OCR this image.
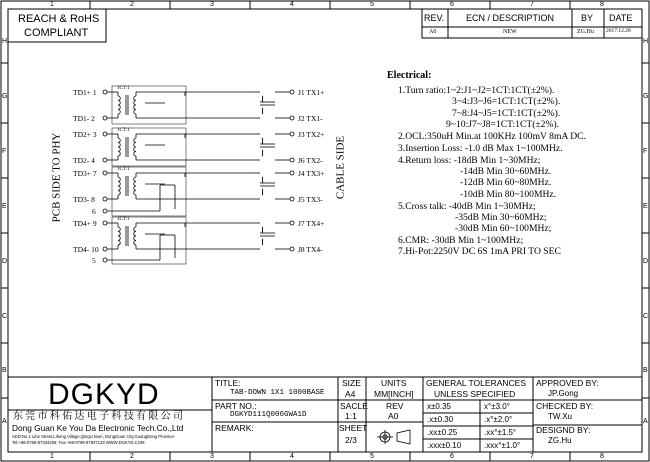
TD1+ 1
TD1- 2
1CT:1	J1 TX1+
J2 TX1-
TD2+ 3
TD2- 4
1CT:1	J3 TX2+
J6 TX2-
TD3+ 7
TD3- 8
1CT:1	J4 TX3+
J5 TX3-
6
TD4+ 9
TD4- 10
1CT:1	J7 TX4+
J8 TX4-
5
1	2	3	4	5	6	7	8
1	2	3	4	5	6	7	8
H
G
F
E
D
C
B
A
H
G
F
E
D
C
B
A
REACH & RoHS
COMPLIANT
REV. ECN / DESCRIPTION	BY DATE
A0	NEW	ZG.Hu 2017.12.28
PCB SIDE TO PHY	CABLE SIDE
Electrical:
1.Turn ratio:1~2:J1~J2=1CT:1CT(±2%).
3~4:J3~J6=1CT:1CT(±2%).
7~8:J4~J5=1CT:1CT(±2%).
9~10:J7~J8=1CT:1CT(±2%).
2.OCL:350uH Min.at 100KHz 100mV 8mA DC.
3.Insertion Loss: -1.0 dB Max 1~100MHz.
4.Return loss: -18dB Min 1~30MHz;
-14dB Min 30~60MHz.
-12dB Min 60~80MHz.
-10dB Min 80~100MHz.
5.Cross talk: -40dB Min 1~30MHz;
-35dB Min 30~60MHz;
-30dB Min 60~100MHz;
6.CMR: -30dB Min 1~100MHz;
7.Hi-Pot:2250V DC 6S 1mA PRI TO SEC
DGKYD
东莞市科佑达电子科技有限公司
Dong Guan Ke You Da Electronic Tech.Co.,Ltd
ADD:No.1 Lihe Street,Liheng Village,Qingxi town, DongGuan City,GuangDong Province
Tel:+86-0769-87334206; Fax:+86-0769-87847129 WWW.DGKYD.COM
TITLE:
TAB-DOWN 1X1 1000BASE
PART NO.:
DGKYD111Q006GWA1D
REMARK:
SIZE
A4
SACLE
1:1
SHEET
2/3
UNITS
MM[INCH]
REV
A0
GENERAL TOLERANCES
UNLESS SPECIFIED
x±0.35	x°±3.0°
.x±0.30	.x°±2.0°
.xx±0.25	.xx°±1.5°
.xxx±0.10	.xxx°±1.0°
APPROVED BY:
JP.Gong
CHECKED BY:
TW.Xu
DESIGND BY:
ZG.Hu
